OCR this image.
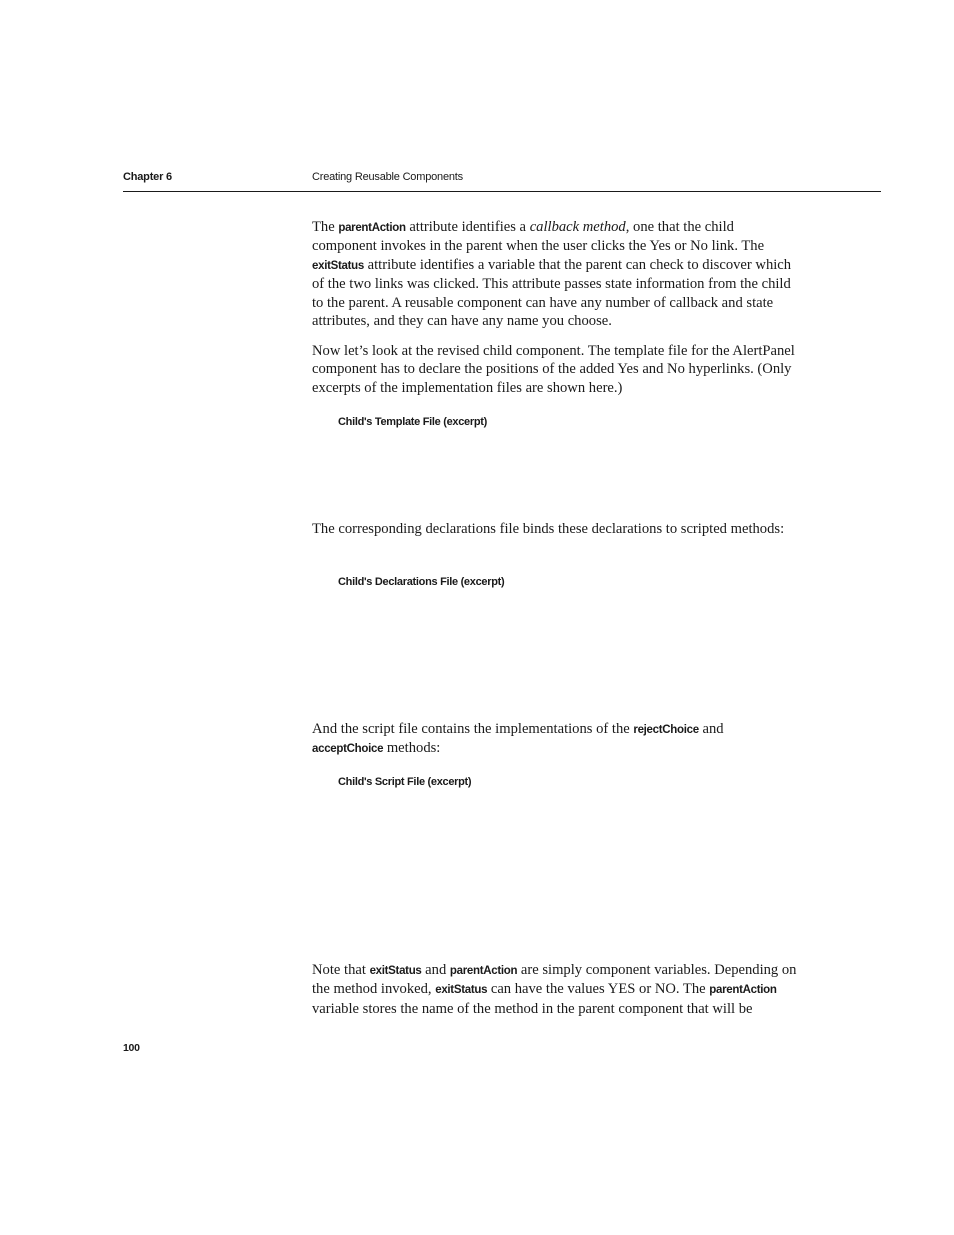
Chapter 6	Creating Reusable Components

The parentAction attribute identifies a callback method, one that the child component invokes in the parent when the user clicks the Yes or No link. The exitStatus attribute identifies a variable that the parent can check to discover which of the two links was clicked. This attribute passes state information from the child to the parent. A reusable component can have any number of callback and state attributes, and they can have any name you choose.

Now let’s look at the revised child component. The template file for the AlertPanel component has to declare the positions of the added Yes and No hyperlinks. (Only excerpts of the implementation files are shown here.)

Child's Template File (excerpt)

The corresponding declarations file binds these declarations to scripted methods:

Child's Declarations File (excerpt)

And the script file contains the implementations of the rejectChoice and acceptChoice methods:

Child's Script File (excerpt)

Note that exitStatus and parentAction are simply component variables. Depending on the method invoked, exitStatus can have the values YES or NO. The parentAction variable stores the name of the method in the parent component that will be

100
